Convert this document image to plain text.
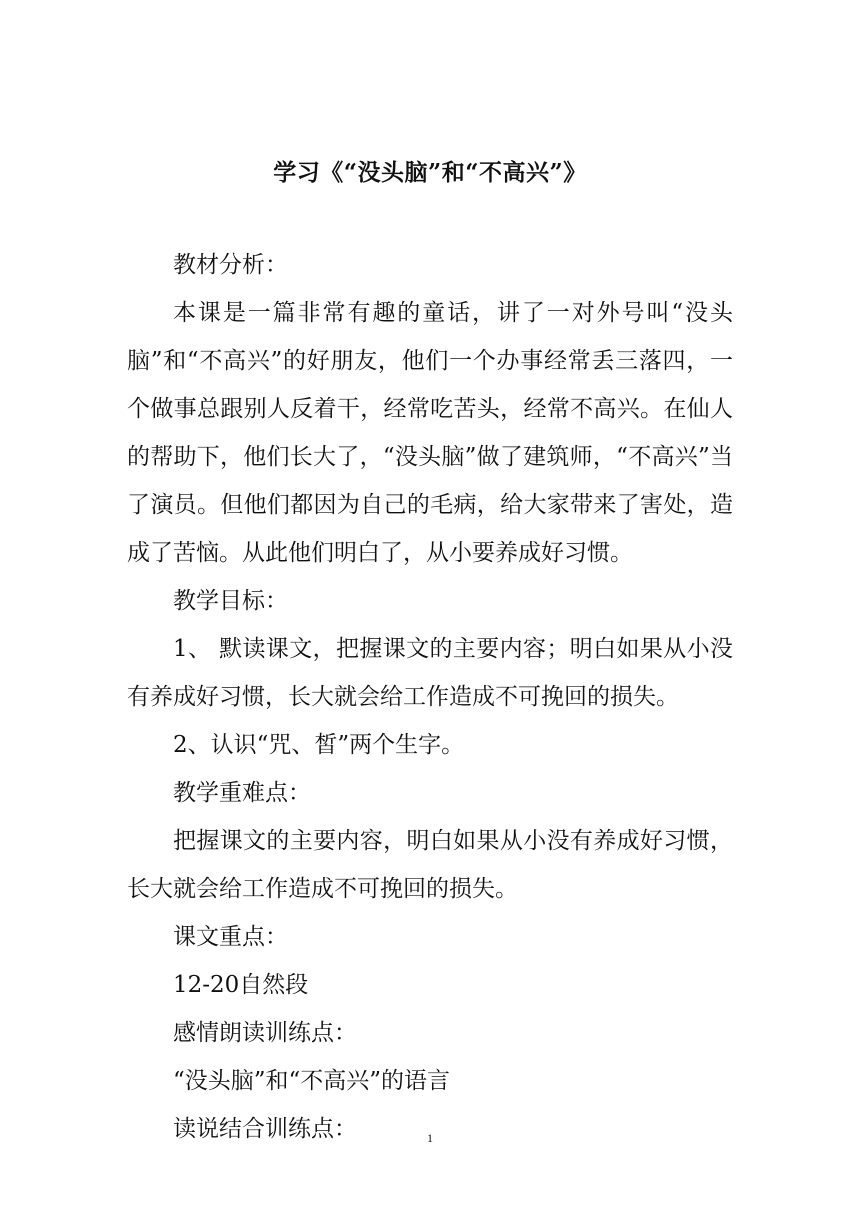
学习《“没头脑”和“不高兴”》

教材分析：

本课是一篇非常有趣的童话，讲了一对外号叫“没头脑”和“不高兴”的好朋友，他们一个办事经常丢三落四，一个做事总跟别人反着干，经常吃苦头，经常不高兴。在仙人的帮助下，他们长大了，“没头脑”做了建筑师，“不高兴”当了演员。但他们都因为自己的毛病，给大家带来了害处，造成了苦恼。从此他们明白了，从小要养成好习惯。

教学目标：

1、 默读课文，把握课文的主要内容；明白如果从小没有养成好习惯，长大就会给工作造成不可挽回的损失。

2、认识“咒、皙”两个生字。

教学重难点：

把握课文的主要内容，明白如果从小没有养成好习惯，长大就会给工作造成不可挽回的损失。

课文重点：

12-20自然段

感情朗读训练点：

“没头脑”和“不高兴”的语言

读说结合训练点：	1
